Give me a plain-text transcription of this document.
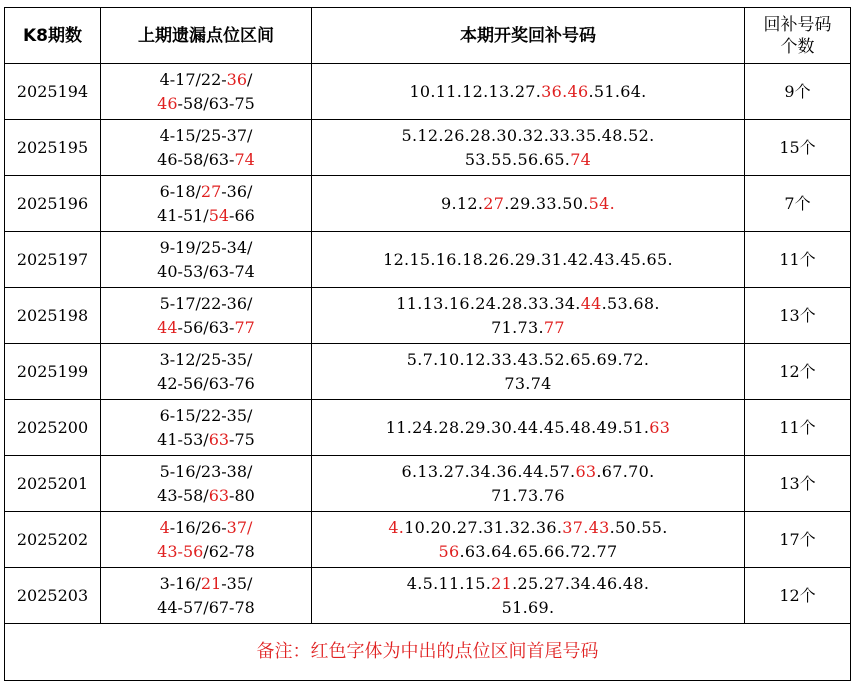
K8期数	上期遗漏点位区间	本期开奖回补号码	回补号码
个数

2025194	4-17/22-36/
46-58/63-75	10.11.12.13.27.36.46.51.64.	9个
2025195	4-15/25-37/
46-58/63-74	5.12.26.28.30.32.33.35.48.52.
53.55.56.65.74	15个
2025196	6-18/27-36/
41-51/54-66	9.12.27.29.33.50.54.	7个
2025197	9-19/25-34/
40-53/63-74	12.15.16.18.26.29.31.42.43.45.65.	11个
2025198	5-17/22-36/
44-56/63-77	11.13.16.24.28.33.34.44.53.68.
71.73.77	13个
2025199	3-12/25-35/
42-56/63-76	5.7.10.12.33.43.52.65.69.72.
73.74	12个
2025200	6-15/22-35/
41-53/63-75	11.24.28.29.30.44.45.48.49.51.63	11个
2025201	5-16/23-38/
43-58/63-80	6.13.27.34.36.44.57.63.67.70.
71.73.76	13个
2025202	4-16/26-37/
43-56/62-78	4.10.20.27.31.32.36.37.43.50.55.
56.63.64.65.66.72.77	17个
2025203	3-16/21-35/
44-57/67-78	4.5.11.15.21.25.27.34.46.48.
51.69.	12个
备注：红色字体为中出的点位区间首尾号码			
